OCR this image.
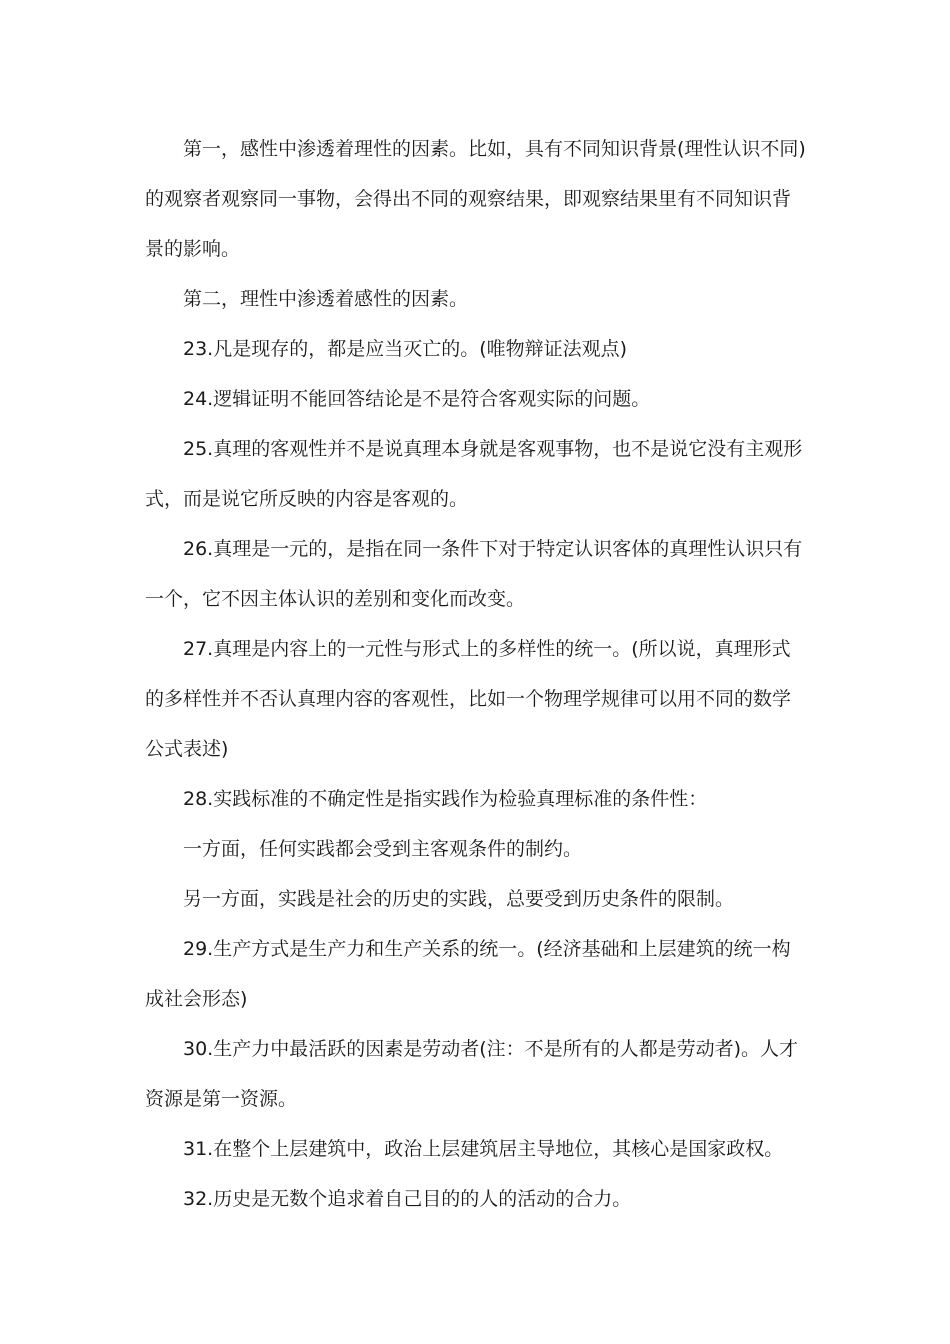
第一，感性中渗透着理性的因素。比如，具有不同知识背景(理性认识不同)的观察者观察同一事物，会得出不同的观察结果，即观察结果里有不同知识背景的影响。

第二，理性中渗透着感性的因素。

23.凡是现存的，都是应当灭亡的。(唯物辩证法观点)

24.逻辑证明不能回答结论是不是符合客观实际的问题。

25.真理的客观性并不是说真理本身就是客观事物，也不是说它没有主观形式，而是说它所反映的内容是客观的。

26.真理是一元的，是指在同一条件下对于特定认识客体的真理性认识只有一个，它不因主体认识的差别和变化而改变。

27.真理是内容上的一元性与形式上的多样性的统一。(所以说，真理形式的多样性并不否认真理内容的客观性，比如一个物理学规律可以用不同的数学公式表述)

28.实践标准的不确定性是指实践作为检验真理标准的条件性：

一方面，任何实践都会受到主客观条件的制约。

另一方面，实践是社会的历史的实践，总要受到历史条件的限制。

29.生产方式是生产力和生产关系的统一。(经济基础和上层建筑的统一构成社会形态)

30.生产力中最活跃的因素是劳动者(注：不是所有的人都是劳动者)。人才资源是第一资源。

31.在整个上层建筑中，政治上层建筑居主导地位，其核心是国家政权。

32.历史是无数个追求着自己目的的人的活动的合力。
